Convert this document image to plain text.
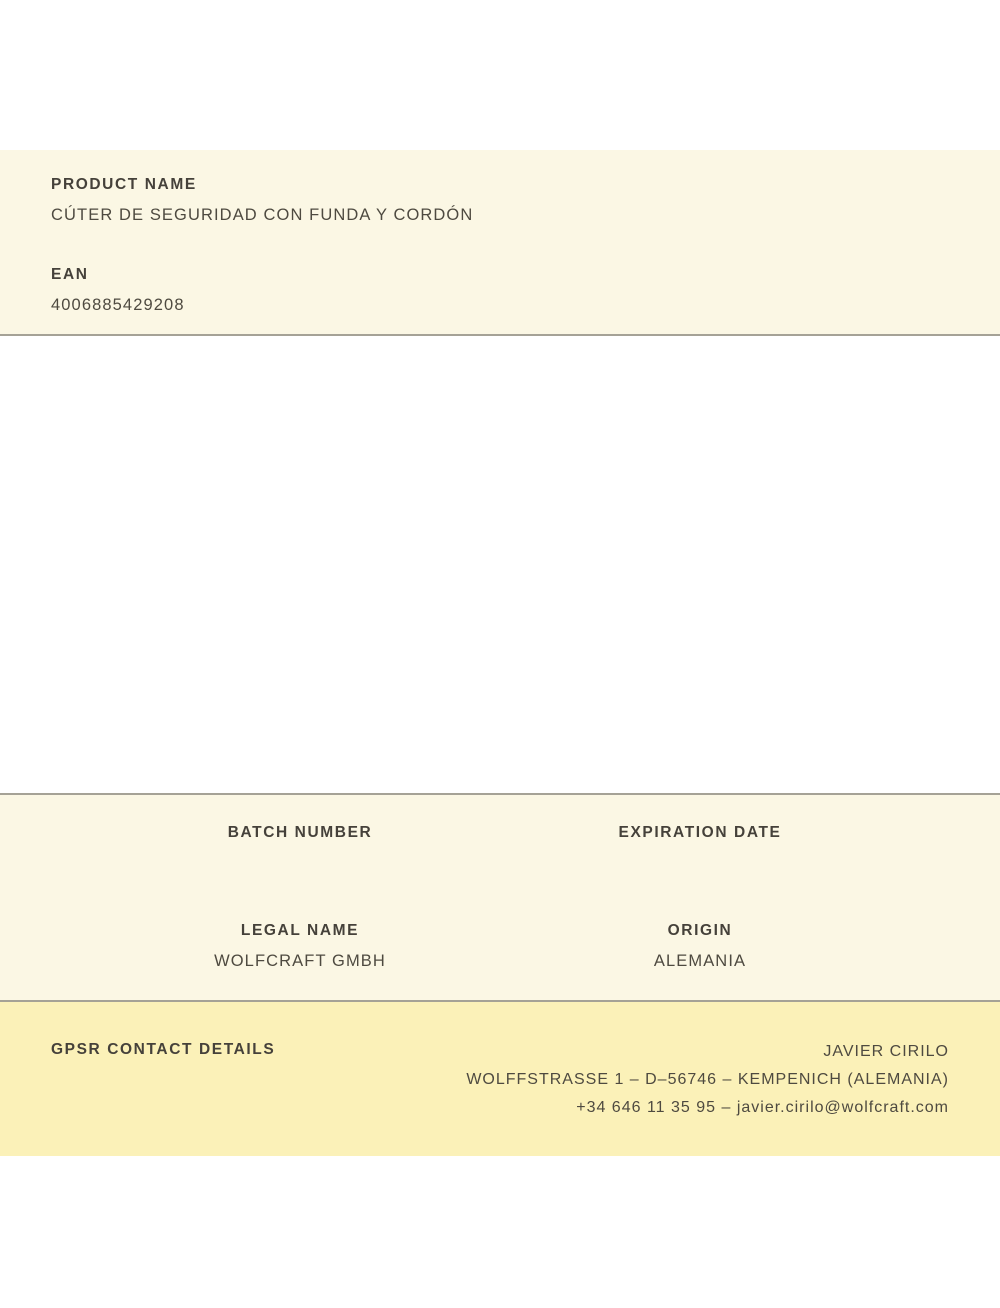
PRODUCT NAME
CÚTER DE SEGURIDAD CON FUNDA Y CORDÓN
EAN
4006885429208
BATCH NUMBER	EXPIRATION DATE
LEGAL NAME
WOLFCRAFT GMBH
ORIGIN
ALEMANIA
GPSR CONTACT DETAILS	JAVIER CIRILO
WOLFFSTRASSE 1 – D–56746 – KEMPENICH (ALEMANIA)
+34 646 11 35 95 – javier.cirilo@wolfcraft.com
